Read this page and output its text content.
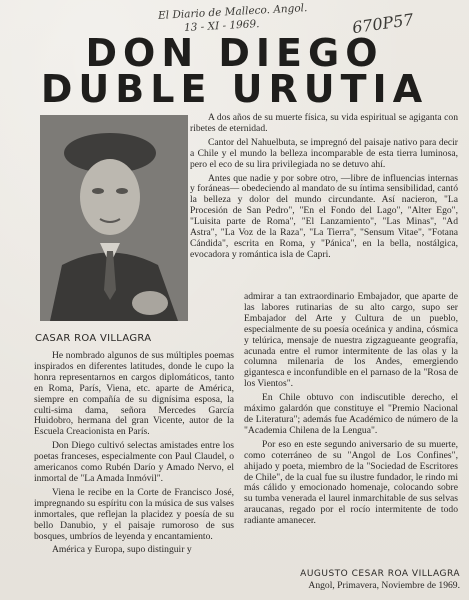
El Diario de Malleco. Angol.
13 - XI - 1969.	670P57
DON DIEGO
DUBLE URUTIA
CASAR ROA VILLAGRA

A dos años de su muerte física, su vida espiritual se agiganta con ribetes de eternidad.

Cantor del Nahuelbuta, se impregnó del paisaje nativo para decir a Chile y el mundo la belleza incomparable de esta tierra luminosa, pero el eco de su lira privilegiada no se detuvo ahí.

Antes que nadie y por sobre otro, —libre de influencias internas y foráneas— obedeciendo al mandato de su íntima sensibilidad, cantó la belleza y dolor del mundo circundante. Así nacieron, "La Procesión de San Pedro", "En el Fondo del Lago", "Alter Ego", "Luisita parte de Roma", "El Lanzamiento", "Las Minas", "Ad Astra", "La Voz de la Raza", "La Tierra", "Sensum Vitae", "Fotana Cándida", escrita en Roma, y "Pánica", en la bella, nostálgica, evocadora y romántica isla de Capri.

admirar a tan extraordinario Embajador, que aparte de las labores rutinarias de su alto cargo, supo ser Embajador del Arte y Cultura de un pueblo, especialmente de su poesía oceánica y andina, cósmica y telúrica, mensaje de nuestra zigzagueante geografía, acunada entre el rumor intermitente de las olas y la columna milenaria de los Andes, emergiendo gigantesca e inconfundible en el parnaso de la "Rosa de los Vientos".

En Chile obtuvo con indiscutible derecho, el máximo galardón que constituye el "Premio Nacional de Literatura"; además fue Académico de número de la "Academia Chilena de la Lengua".

Por eso en este segundo aniversario de su muerte, como coterráneo de su "Angol de Los Confines", ahijado y poeta, miembro de la "Sociedad de Escritores de Chile", de la cual fue su ilustre fundador, le rindo mi más cálido y emocionado homenaje, colocando sobre su tumba venerada el laurel inmarchitable de sus selvas araucanas, regado por el rocío intermitente de todo radiante amanecer.

He nombrado algunos de sus múltiples poemas inspirados en diferentes latitudes, donde le cupo la honra representarnos en cargos diplomáticos, tanto en Roma, París, Viena, etc. aparte de América, siempre en compañía de su dignísima esposa, la culti-sima dama, señora Mercedes García Huidobro, hermana del gran Vicente, autor de la Escuela Creacionista en París.

Don Diego cultivó selectas amistades entre los poetas franceses, especialmente con Paul Claudel, o americanos como Rubén Darío y Amado Nervo, el inmortal de "La Amada Inmóvil".

Viena le recibe en la Corte de Francisco José, impregnando su espíritu con la música de sus valses inmortales, que reflejan la placidez y poesía de su bello Danubio, y el paisaje rumoroso de sus bosques, umbríos de leyenda y encantamiento.

América y Europa, supo distinguir y

AUGUSTO CESAR ROA VILLAGRA
Angol, Primavera, Noviembre de 1969.
